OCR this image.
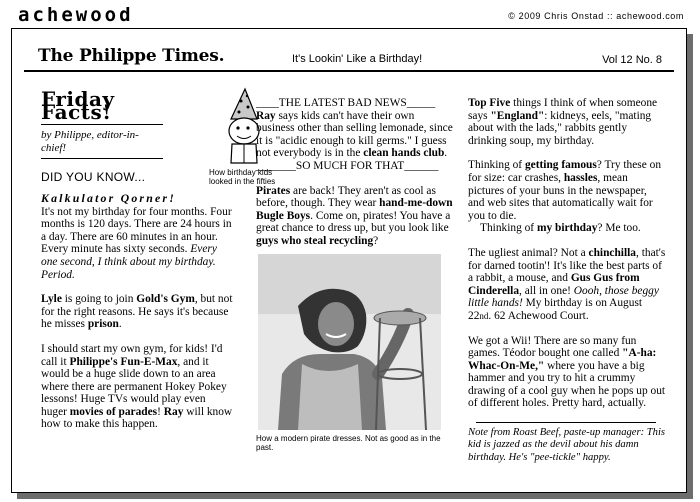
achewood	© 2009 Chris Onstad :: achewood.com
The Philippe Times.	It's Lookin' Like a Birthday!	Vol 12 No. 8
Friday Facts!
by Philippe, editor-in-chief!
How birthday kids looked in the fifties
DID YOU KNOW...

Kalkulator Qorner!
It's not my birthday for four months. Four months is 120 days. There are 24 hours in a day. There are 60 minutes in an hour. Every minute has sixty seconds. Every one second, I think about my birthday. Period.

Lyle is going to join Gold's Gym, but not for the right reasons. He says it's because he misses prison.

I should start my own gym, for kids! I'd call it Philippe's Fun-E-Max, and it would be a huge slide down to an area where there are permanent Hokey Pokey lessons! Huge TVs would play even huger movies of parades! Ray will know how to make this happen.

____THE LATEST BAD NEWS_____
Ray says kids can't have their own business other than selling lemonade, since it is "acidic enough to kill germs." I guess not everybody is in the clean hands club.
_______SO MUCH FOR THAT______

Pirates are back! They aren't as cool as before, though. They wear hand-me-down Bugle Boys. Come on, pirates! You have a great chance to dress up, but you look like guys who steal recycling?

How a modern pirate dresses. Not as good as in the past.

Top Five things I think of when someone says "England": kidneys, eels, "mating about with the lads," rabbits gently drinking soup, my birthday.

Thinking of getting famous? Try these on for size: car crashes, hassles, mean pictures of your buns in the newspaper, and web sites that automatically wait for you to die.

Thinking of my birthday? Me too.

The ugliest animal? Not a chinchilla, that's for darned tootin'! It's like the best parts of a rabbit, a mouse, and Gus Gus from Cinderella, all in one! Oooh, those beggy little hands! My birthday is on August 22nd. 62 Achewood Court.

We got a Wii! There are so many fun games. Téodor bought one called "A-ha: Whac-On-Me," where you have a big hammer and you try to hit a crummy drawing of a cool guy when he pops up out of different holes. Pretty hard, actually.

Note from Roast Beef, paste-up manager: This kid is jazzed as the devil about his damn birthday. He's "pee-tickle" happy.
